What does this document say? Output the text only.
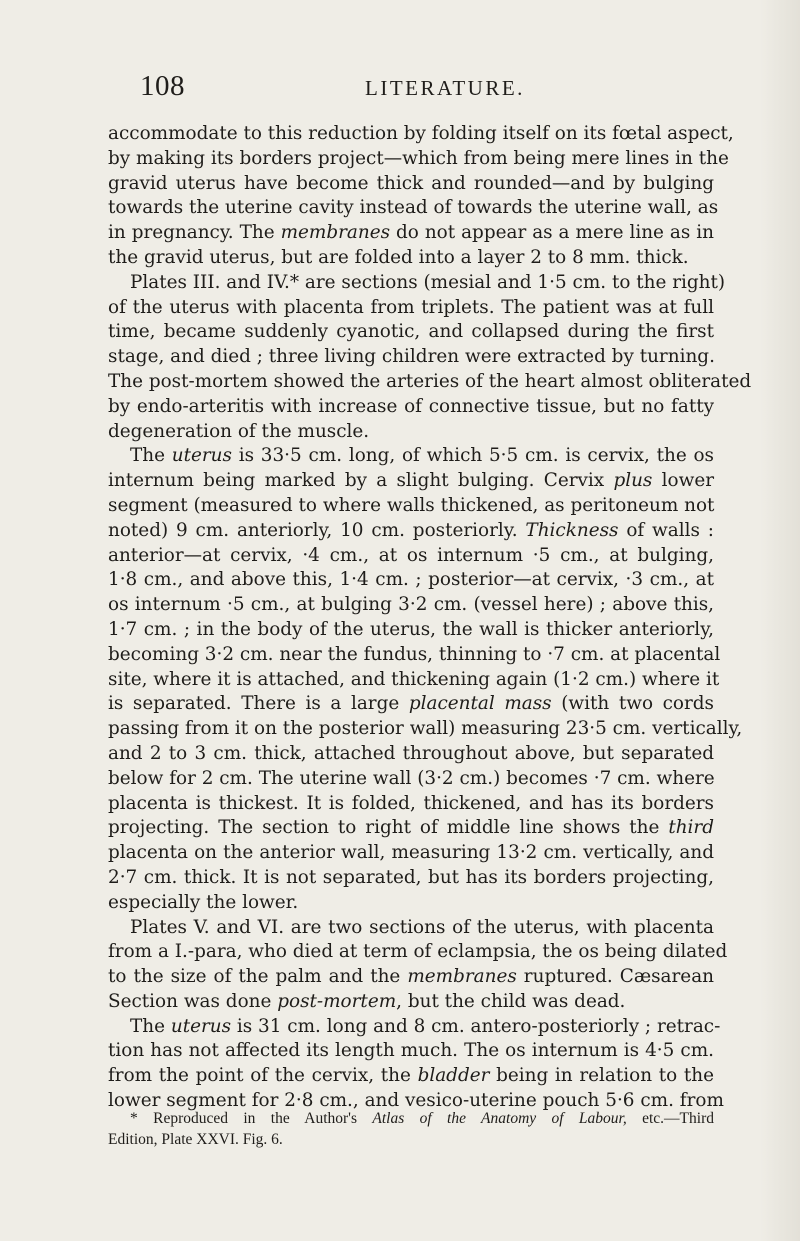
108	LITERATURE.
accommodate to this reduction by folding itself on its fœtal aspect,
by making its borders project—which from being mere lines in the
gravid uterus have become thick and rounded—and by bulging
towards the uterine cavity instead of towards the uterine wall, as
in pregnancy. The membranes do not appear as a mere line as in
the gravid uterus, but are folded into a layer 2 to 8 mm. thick.
Plates III. and IV.* are sections (mesial and 1·5 cm. to the right)
of the uterus with placenta from triplets. The patient was at full
time, became suddenly cyanotic, and collapsed during the first
stage, and died ; three living children were extracted by turning.
The post-mortem showed the arteries of the heart almost obliterated
by endo-arteritis with increase of connective tissue, but no fatty
degeneration of the muscle.
The uterus is 33·5 cm. long, of which 5·5 cm. is cervix, the os
internum being marked by a slight bulging. Cervix plus lower
segment (measured to where walls thickened, as peritoneum not
noted) 9 cm. anteriorly, 10 cm. posteriorly. Thickness of walls :
anterior—at cervix, ·4 cm., at os internum ·5 cm., at bulging,
1·8 cm., and above this, 1·4 cm. ; posterior—at cervix, ·3 cm., at
os internum ·5 cm., at bulging 3·2 cm. (vessel here) ; above this,
1·7 cm. ; in the body of the uterus, the wall is thicker anteriorly,
becoming 3·2 cm. near the fundus, thinning to ·7 cm. at placental
site, where it is attached, and thickening again (1·2 cm.) where it
is separated. There is a large placental mass (with two cords
passing from it on the posterior wall) measuring 23·5 cm. vertically,
and 2 to 3 cm. thick, attached throughout above, but separated
below for 2 cm. The uterine wall (3·2 cm.) becomes ·7 cm. where
placenta is thickest. It is folded, thickened, and has its borders
projecting. The section to right of middle line shows the third
placenta on the anterior wall, measuring 13·2 cm. vertically, and
2·7 cm. thick. It is not separated, but has its borders projecting,
especially the lower.
Plates V. and VI. are two sections of the uterus, with placenta
from a I.-para, who died at term of eclampsia, the os being dilated
to the size of the palm and the membranes ruptured. Cæsarean
Section was done post-mortem, but the child was dead.
The uterus is 31 cm. long and 8 cm. antero-posteriorly ; retrac-
tion has not affected its length much. The os internum is 4·5 cm.
from the point of the cervix, the bladder being in relation to the
lower segment for 2·8 cm., and vesico-uterine pouch 5·6 cm. from
* Reproduced in the Author's Atlas of the Anatomy of Labour, etc.—Third
Edition, Plate XXVI. Fig. 6.
